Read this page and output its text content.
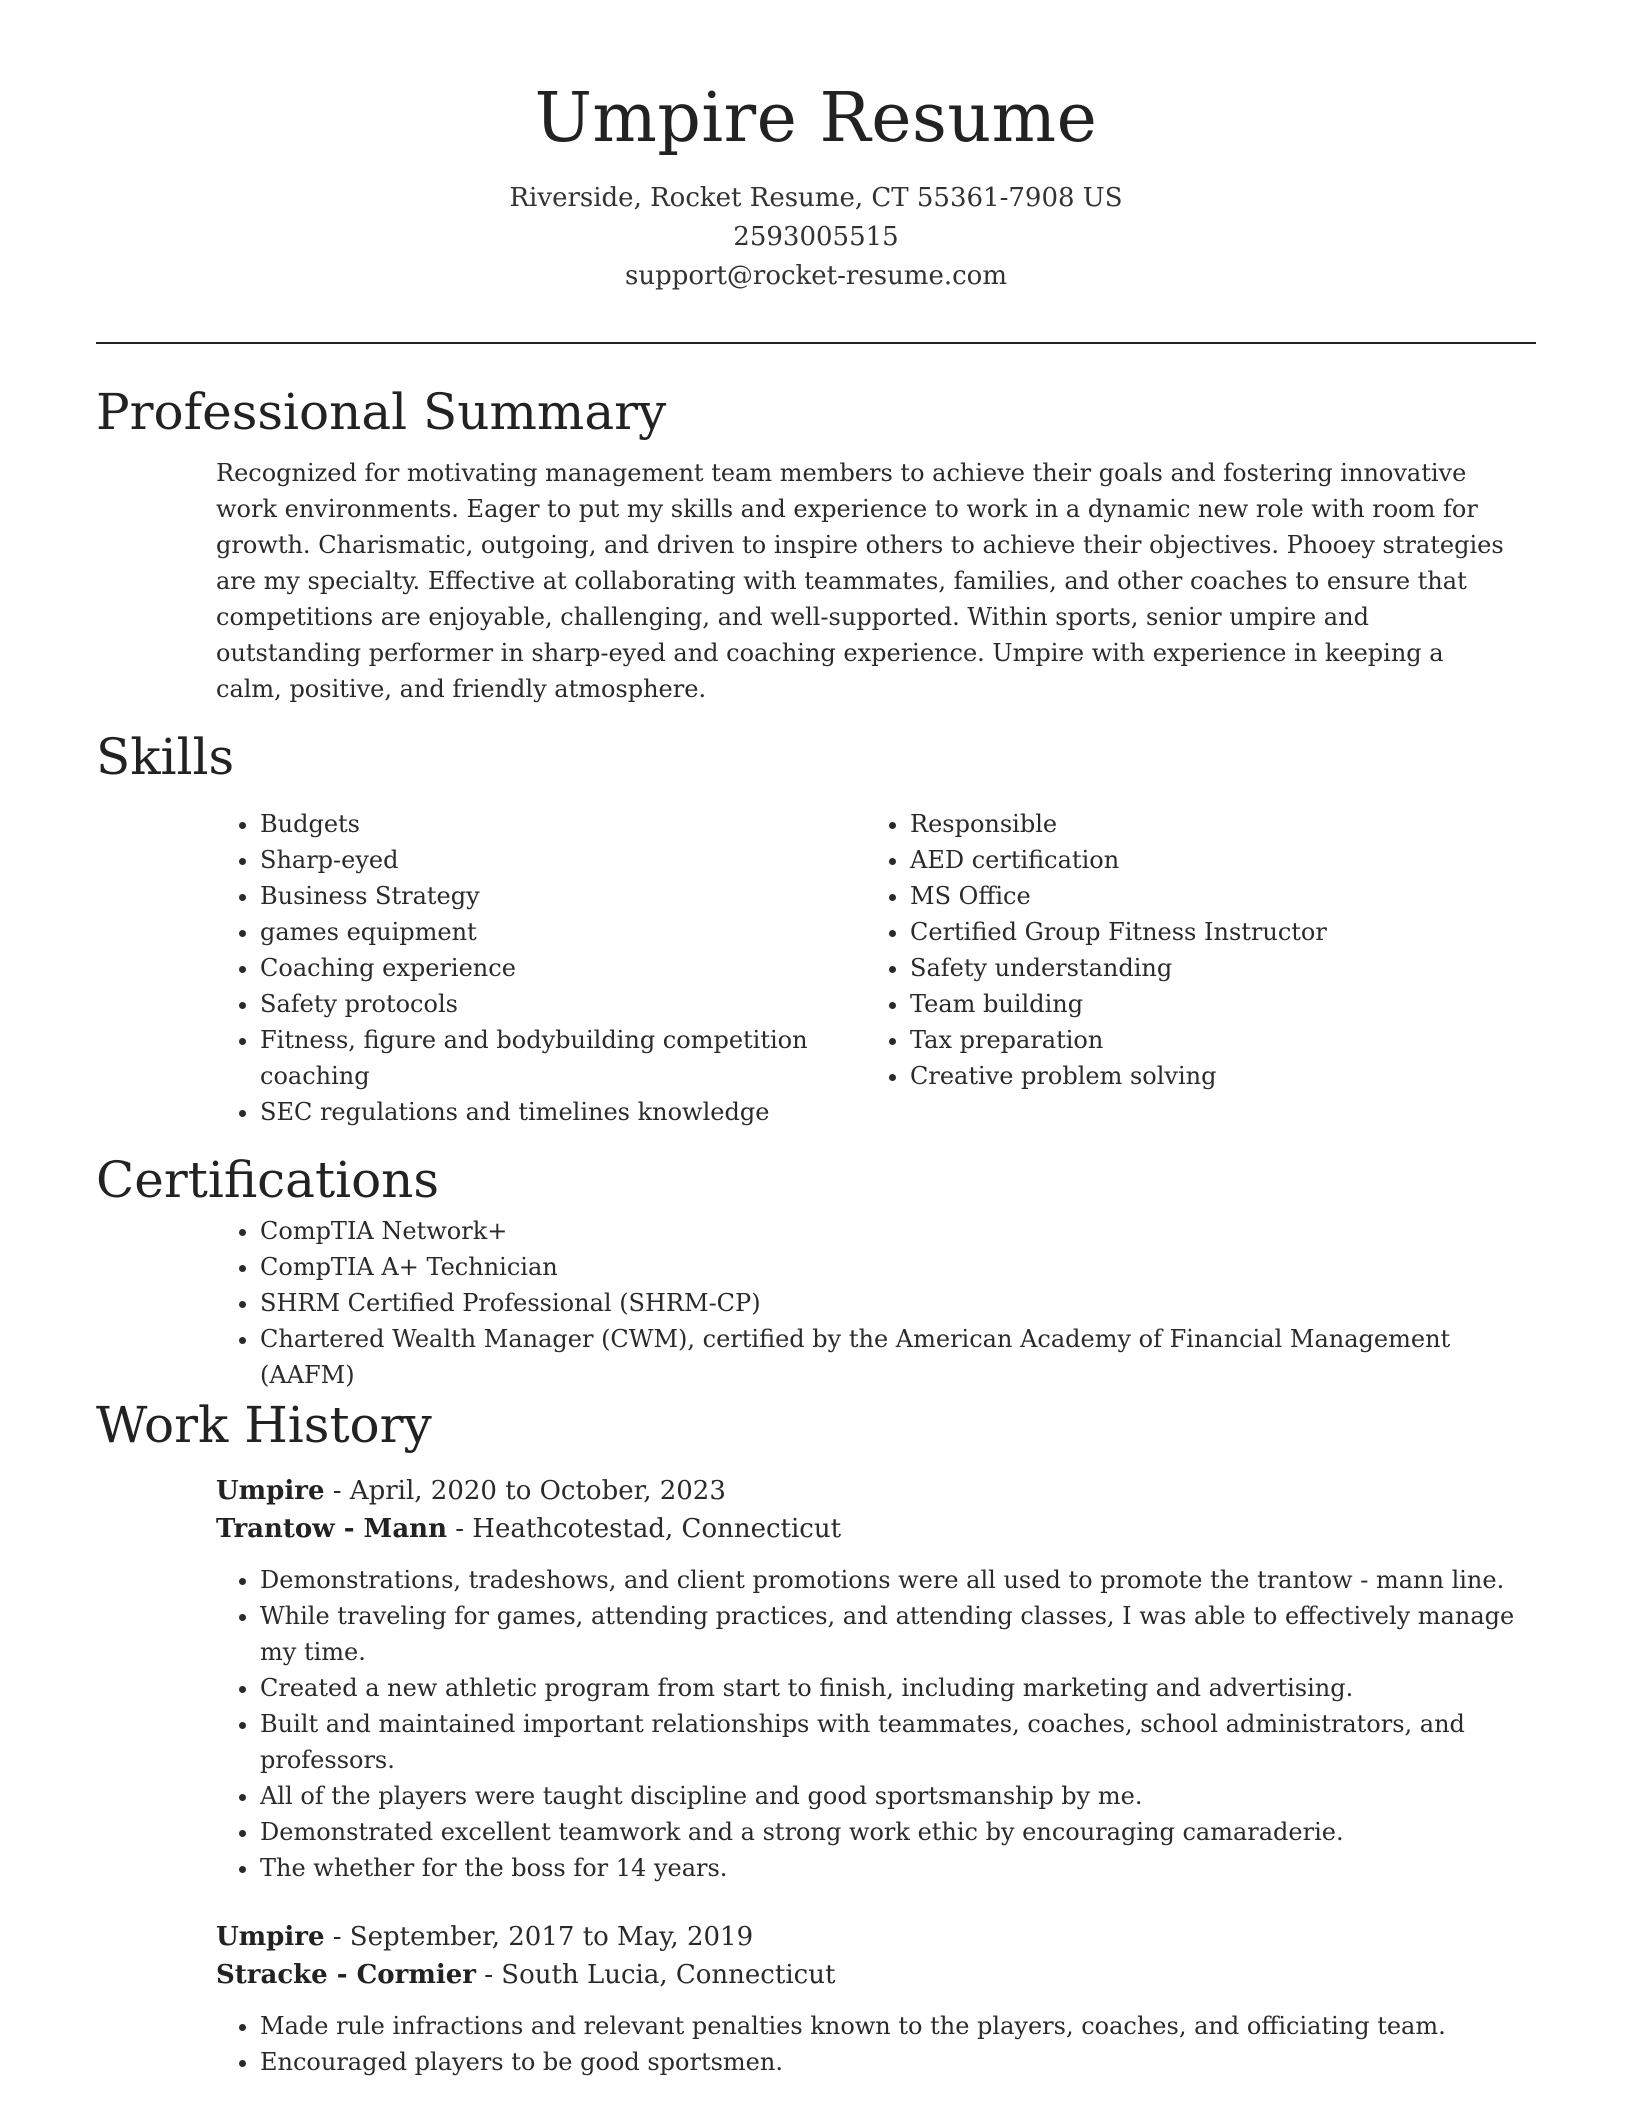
Umpire Resume
Riverside, Rocket Resume, CT 55361-7908 US
2593005515
support@rocket-resume.com
Professional Summary

Recognized for motivating management team members to achieve their goals and fostering innovative work environments. Eager to put my skills and experience to work in a dynamic new role with room for growth. Charismatic, outgoing, and driven to inspire others to achieve their objectives. Phooey strategies are my specialty. Effective at collaborating with teammates, families, and other coaches to ensure that competitions are enjoyable, challenging, and well-supported. Within sports, senior umpire and outstanding performer in sharp-eyed and coaching experience. Umpire with experience in keeping a calm, positive, and friendly atmosphere.

Skills
• Budgets
• Sharp-eyed
• Business Strategy
• games equipment
• Coaching experience
• Safety protocols
• Fitness, figure and bodybuilding competition coaching
• SEC regulations and timelines knowledge
• Responsible
• AED certification
• MS Office
• Certified Group Fitness Instructor
• Safety understanding
• Team building
• Tax preparation
• Creative problem solving
Certifications
• CompTIA Network+
• CompTIA A+ Technician
• SHRM Certified Professional (SHRM-CP)
• Chartered Wealth Manager (CWM), certified by the American Academy of Financial Management (AAFM)
Work History
Umpire - April, 2020 to October, 2023
Trantow - Mann - Heathcotestad, Connecticut
• Demonstrations, tradeshows, and client promotions were all used to promote the trantow - mann line.
• While traveling for games, attending practices, and attending classes, I was able to effectively manage my time.
• Created a new athletic program from start to finish, including marketing and advertising.
• Built and maintained important relationships with teammates, coaches, school administrators, and professors.
• All of the players were taught discipline and good sportsmanship by me.
• Demonstrated excellent teamwork and a strong work ethic by encouraging camaraderie.
• The whether for the boss for 14 years.
Umpire - September, 2017 to May, 2019
Stracke - Cormier - South Lucia, Connecticut
• Made rule infractions and relevant penalties known to the players, coaches, and officiating team.
• Encouraged players to be good sportsmen.
